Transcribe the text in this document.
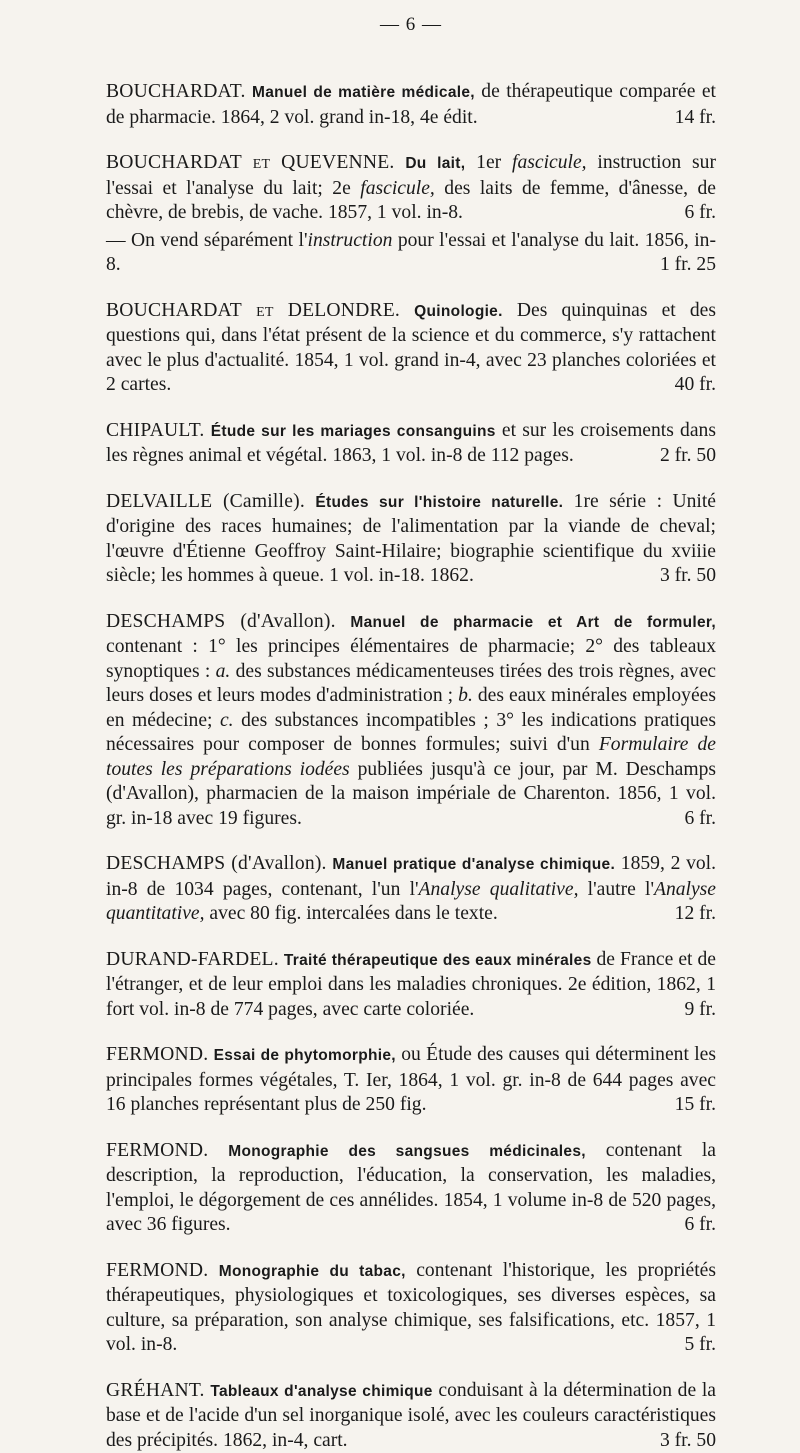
— 6 —
BOUCHARDAT. Manuel de matière médicale, de thérapeutique comparée et de pharmacie. 1864, 2 vol. grand in-18, 4e édit.	14 fr.
BOUCHARDAT et QUEVENNE. Du lait, 1er fascicule, instruction sur l'essai et l'analyse du lait; 2e fascicule, des laits de femme, d'ânesse, de chèvre, de brebis, de vache. 1857, 1 vol. in-8.	6 fr.
— On vend séparément l'instruction pour l'essai et l'analyse du lait. 1856, in-8.	1 fr. 25
BOUCHARDAT et DELONDRE. Quinologie. Des quinquinas et des questions qui, dans l'état présent de la science et du commerce, s'y rattachent avec le plus d'actualité. 1854, 1 vol. grand in-4, avec 23 planches coloriées et 2 cartes.	40 fr.
CHIPAULT. Étude sur les mariages consanguins et sur les croisements dans les règnes animal et végétal. 1863, 1 vol. in-8 de 112 pages.	2 fr. 50
DELVAILLE (Camille). Études sur l'histoire naturelle. 1re série : Unité d'origine des races humaines; de l'alimentation par la viande de cheval; l'œuvre d'Étienne Geoffroy Saint-Hilaire; biographie scientifique du xviiie siècle; les hommes à queue. 1 vol. in-18. 1862.	3 fr. 50
DESCHAMPS (d'Avallon). Manuel de pharmacie et Art de formuler, contenant : 1° les principes élémentaires de pharmacie; 2° des tableaux synoptiques : a. des substances médicamenteuses tirées des trois règnes, avec leurs doses et leurs modes d'administration ; b. des eaux minérales employées en médecine; c. des substances incompatibles ; 3° les indications pratiques nécessaires pour composer de bonnes formules; suivi d'un Formulaire de toutes les préparations iodées publiées jusqu'à ce jour, par M. Deschamps (d'Avallon), pharmacien de la maison impériale de Charenton. 1856, 1 vol. gr. in-18 avec 19 figures.	6 fr.
DESCHAMPS (d'Avallon). Manuel pratique d'analyse chimique. 1859, 2 vol. in-8 de 1034 pages, contenant, l'un l'Analyse qualitative, l'autre l'Analyse quantitative, avec 80 fig. intercalées dans le texte.	12 fr.
DURAND-FARDEL. Traité thérapeutique des eaux minérales de France et de l'étranger, et de leur emploi dans les maladies chroniques. 2e édition, 1862, 1 fort vol. in-8 de 774 pages, avec carte coloriée.	9 fr.
FERMOND. Essai de phytomorphie, ou Étude des causes qui déterminent les principales formes végétales, T. Ier, 1864, 1 vol. gr. in-8 de 644 pages avec 16 planches représentant plus de 250 fig.	15 fr.
FERMOND. Monographie des sangsues médicinales, contenant la description, la reproduction, l'éducation, la conservation, les maladies, l'emploi, le dégorgement de ces annélides. 1854, 1 volume in-8 de 520 pages, avec 36 figures.	6 fr.
FERMOND. Monographie du tabac, contenant l'historique, les propriétés thérapeutiques, physiologiques et toxicologiques, ses diverses espèces, sa culture, sa préparation, son analyse chimique, ses falsifications, etc. 1857, 1 vol. in-8.	5 fr.
GRÉHANT. Tableaux d'analyse chimique conduisant à la détermination de la base et de l'acide d'un sel inorganique isolé, avec les couleurs caractéristiques des précipités. 1862, in-4, cart.	3 fr. 50
